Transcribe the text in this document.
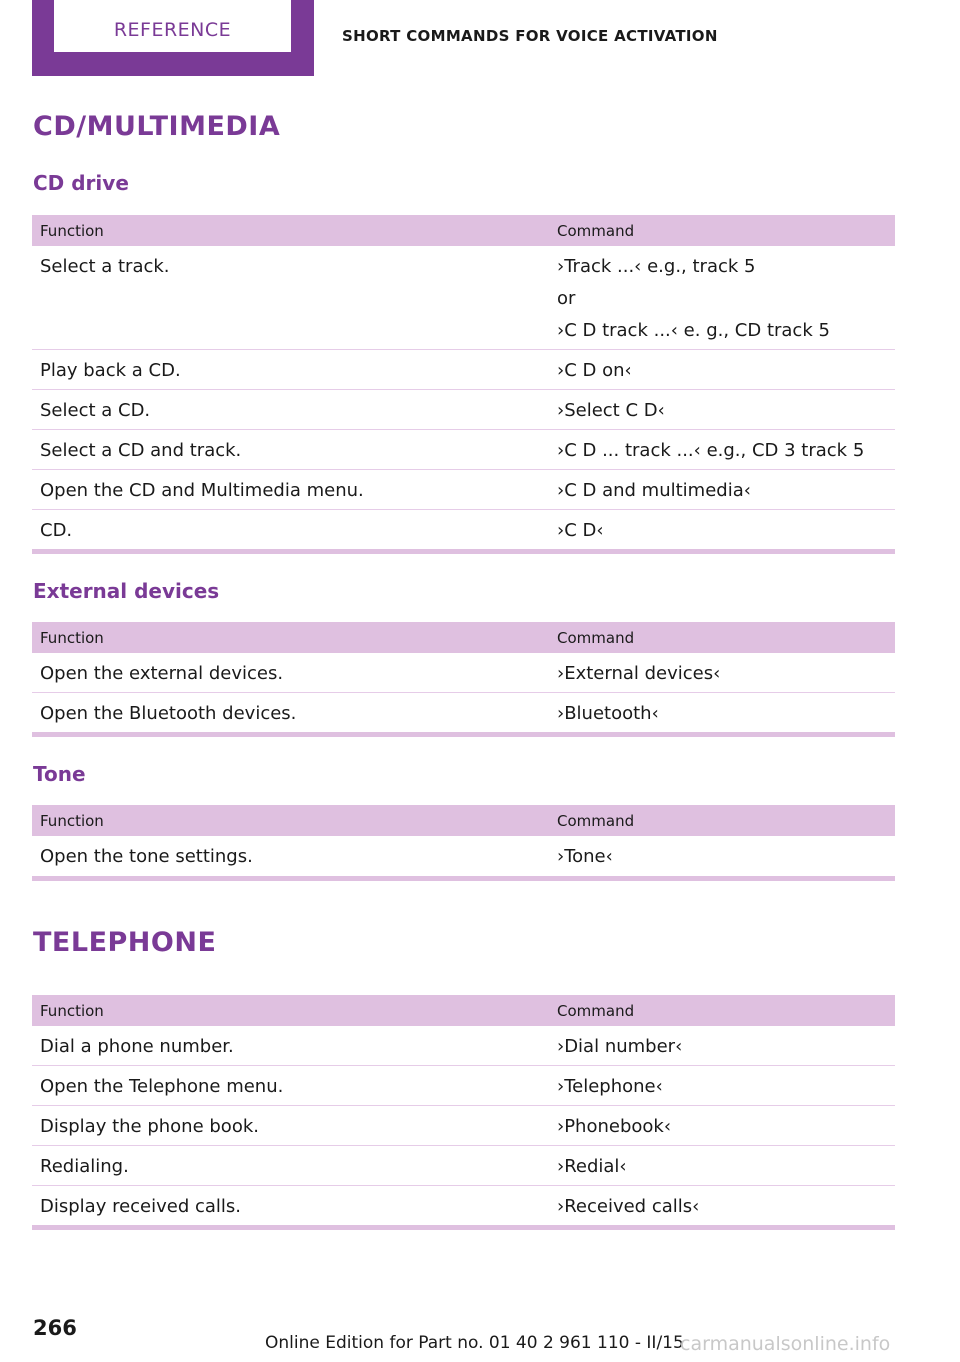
REFERENCE	SHORT COMMANDS FOR VOICE ACTIVATION
CD/MULTIMEDIA
CD drive
Function	Command
Select a track.	›Track ...‹ e.g., track 5
or
›C D track ...‹ e. g., CD track 5
Play back a CD.	›C D on‹
Select a CD.	›Select C D‹
Select a CD and track.	›C D ... track ...‹ e.g., CD 3 track 5
Open the CD and Multimedia menu.	›C D and multimedia‹
CD.	›C D‹
External devices
Function	Command
Open the external devices.	›External devices‹
Open the Bluetooth devices.	›Bluetooth‹
Tone
Function	Command
Open the tone settings.	›Tone‹
TELEPHONE
Function	Command
Dial a phone number.	›Dial number‹
Open the Telephone menu.	›Telephone‹
Display the phone book.	›Phonebook‹
Redialing.	›Redial‹
Display received calls.	›Received calls‹
266
Online Edition for Part no. 01 40 2 961 110 - II/15
carmanualsonline.info
